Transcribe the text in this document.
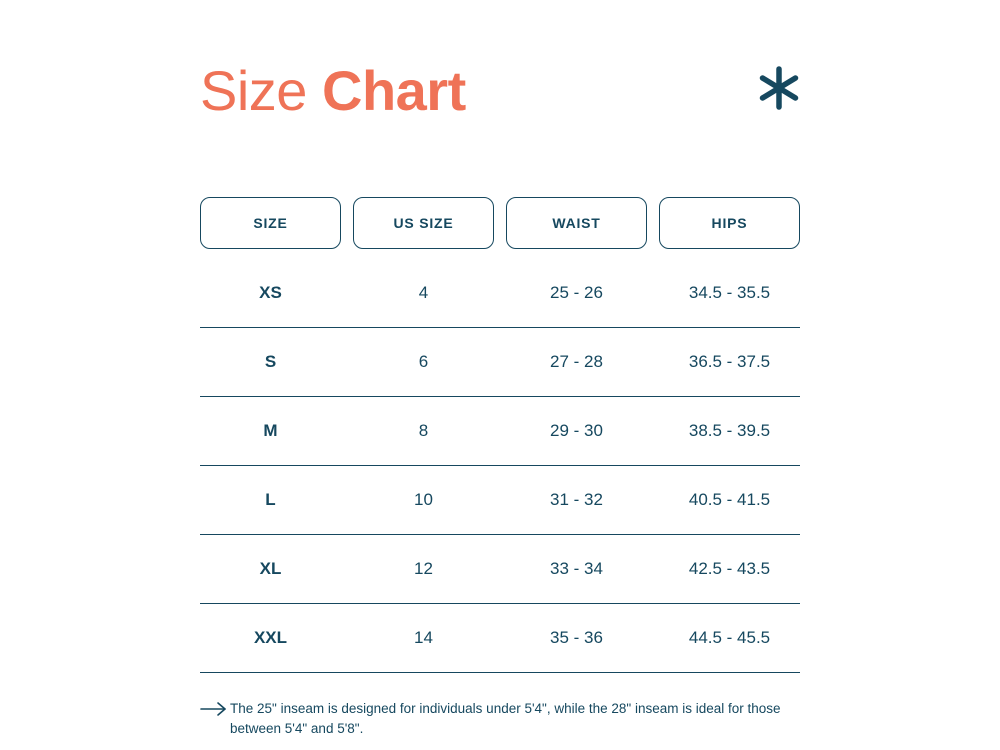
Size Chart
SIZE	US SIZE	WAIST	HIPS
XS	4	25 - 26	34.5 - 35.5
S	6	27 - 28	36.5 - 37.5
M	8	29 - 30	38.5 - 39.5
L	10	31 - 32	40.5 - 41.5
XL	12	33 - 34	42.5 - 43.5
XXL	14	35 - 36	44.5 - 45.5
The 25" inseam is designed for individuals under 5'4", while the 28" inseam is ideal for those between 5'4" and 5'8".
